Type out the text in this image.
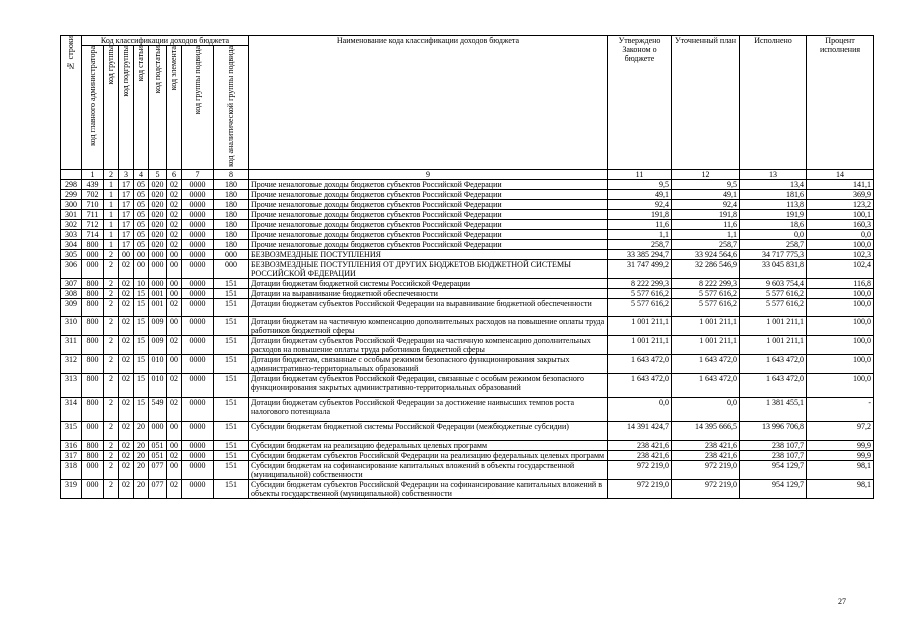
№ строки	Код классификации доходов бюджета								Наименование кода классификации доходов бюджета	Утверждено Законом о бюджете	Уточненный план	Исполнено	Процент исполнения
	код главного администратора	код группы	код подгруппы	код статьи	код подстатьи	код элемента	код группы подвида	код аналитической группы подвида					
	1	2	3	4	5	6	7	8	9	11	12	13	14
298	439	1	17	05	020	02	0000	180	Прочие неналоговые доходы бюджетов субъектов Российской Федерации	9,5	9,5	13,4	141,1
299	702	1	17	05	020	02	0000	180	Прочие неналоговые доходы бюджетов субъектов Российской Федерации	49,1	49,1	181,6	369,9
300	710	1	17	05	020	02	0000	180	Прочие неналоговые доходы бюджетов субъектов Российской Федерации	92,4	92,4	113,8	123,2
301	711	1	17	05	020	02	0000	180	Прочие неналоговые доходы бюджетов субъектов Российской Федерации	191,8	191,8	191,9	100,1
302	712	1	17	05	020	02	0000	180	Прочие неналоговые доходы бюджетов субъектов Российской Федерации	11,6	11,6	18,6	160,3
303	714	1	17	05	020	02	0000	180	Прочие неналоговые доходы бюджетов субъектов Российской Федерации	1,1	1,1	0,0	0,0
304	800	1	17	05	020	02	0000	180	Прочие неналоговые доходы бюджетов субъектов Российской Федерации	258,7	258,7	258,7	100,0
305	000	2	00	00	000	00	0000	000	БЕЗВОЗМЕЗДНЫЕ ПОСТУПЛЕНИЯ	33 385 294,7	33 924 564,6	34 717 775,3	102,3
306	000	2	02	00	000	00	0000	000	БЕЗВОЗМЕЗДНЫЕ ПОСТУПЛЕНИЯ ОТ ДРУГИХ БЮДЖЕТОВ БЮДЖЕТНОЙ СИСТЕМЫ РОССИЙСКОЙ ФЕДЕРАЦИИ	31 747 499,2	32 286 546,9	33 045 831,8	102,4
307	800	2	02	10	000	00	0000	151	Дотации бюджетам бюджетной системы Российской Федерации	8 222 299,3	8 222 299,3	9 603 754,4	116,8
308	800	2	02	15	001	00	0000	151	Дотации на выравнивание бюджетной обеспеченности	5 577 616,2	5 577 616,2	5 577 616,2	100,0
309	800	2	02	15	001	02	0000	151	Дотации бюджетам субъектов Российской Федерации на выравнивание бюджетной обеспеченности	5 577 616,2	5 577 616,2	5 577 616,2	100,0
310	800	2	02	15	009	00	0000	151	Дотации бюджетам на частичную компенсацию дополнительных расходов на повышение оплаты труда работников бюджетной сферы	1 001 211,1	1 001 211,1	1 001 211,1	100,0
311	800	2	02	15	009	02	0000	151	Дотации бюджетам субъектов Российской Федерации на частичную компенсацию дополнительных расходов на повышение оплаты труда работников бюджетной сферы	1 001 211,1	1 001 211,1	1 001 211,1	100,0
312	800	2	02	15	010	00	0000	151	Дотации бюджетам, связанные с особым режимом безопасного функционирования закрытых административно-территориальных образований	1 643 472,0	1 643 472,0	1 643 472,0	100,0
313	800	2	02	15	010	02	0000	151	Дотации бюджетам субъектов Российской Федерации, связанные с особым режимом безопасного функционирования закрытых административно-территориальных образований	1 643 472,0	1 643 472,0	1 643 472,0	100,0
314	800	2	02	15	549	02	0000	151	Дотации бюджетам субъектов Российской Федерации за достижение наивысших темпов роста налогового потенциала	0,0	0,0	1 381 455,1	-
315	000	2	02	20	000	00	0000	151	Субсидии бюджетам бюджетной системы Российской Федерации (межбюджетные субсидии)	14 391 424,7	14 395 666,5	13 996 706,8	97,2
316	800	2	02	20	051	00	0000	151	Субсидии бюджетам на реализацию федеральных целевых программ	238 421,6	238 421,6	238 107,7	99,9
317	800	2	02	20	051	02	0000	151	Субсидии бюджетам субъектов Российской Федерации на реализацию федеральных целевых программ	238 421,6	238 421,6	238 107,7	99,9
318	000	2	02	20	077	00	0000	151	Субсидии бюджетам на софинансирование капитальных вложений в объекты государственной (муниципальной) собственности	972 219,0	972 219,0	954 129,7	98,1
319	000	2	02	20	077	02	0000	151	Субсидии бюджетам субъектов Российской Федерации на софинансирование капитальных вложений в объекты государственной (муниципальной) собственности	972 219,0	972 219,0	954 129,7	98,1
27
